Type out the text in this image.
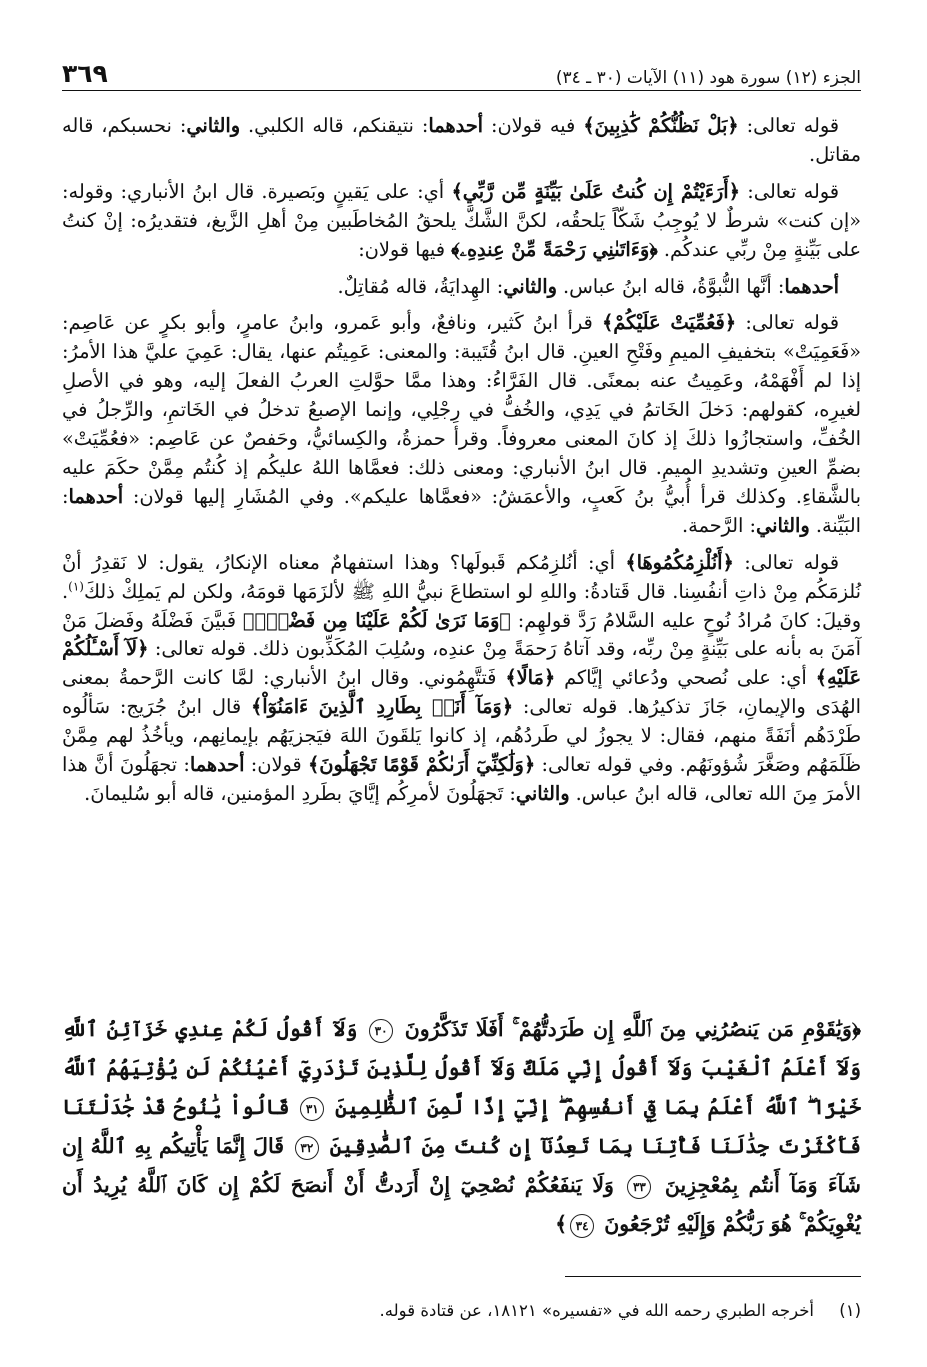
الجزء (١٢) سورة هود (١١) الآيات (٣٠ ـ ٣٤)
٣٦٩

قوله تعالى: ﴿بَلْ نَظُنُّكُمْ كَٰذِبِينَ﴾ فيه قولان: أحدهما: نتيقنكم، قاله الكلبي. والثاني: نحسبكم، قاله مقاتل.

قوله تعالى: ﴿أَرَءَيْتُمْ إِن كُنتُ عَلَىٰ بَيِّنَةٍ مِّن رَّبِّي﴾ أي: على يَقينٍ وبَصيرة. قال ابنُ الأنباري: وقوله: «إن كنت» شرطٌ لا يُوجِبُ شَكّاً يَلحقُه، لكنَّ الشَّكَّ يلحقُ المُخاطَبين مِنْ أهلِ الزَّيغ، فتقديرُه: إنْ كنتُ على بَيِّنةٍ مِنْ ربِّي عندكُم. ﴿وَءَاتَىٰنِي رَحْمَةً مِّنْ عِندِهِۦ﴾ فيها قولان:

أحدهما: أنَّها النُّبوَّةُ، قاله ابنُ عباس. والثاني: الهِدايَةُ، قاله مُقاتِلٌ.

قوله تعالى: ﴿فَعُمِّيَتْ عَلَيْكُمْ﴾ قرأ ابنُ كَثير، ونافعٌ، وأبو عَمرو، وابنُ عامرٍ، وأبو بكرٍ عن عَاصِم: «فَعَمِيَتْ» بتخفيفِ الميمِ وفَتْحِ العينِ. قال ابنُ قُتَيبة: والمعنى: عَمِيتُم عنها، يقال: عَمِيَ عليَّ هذا الأمرُ: إذا لم أَفْهَمْهُ، وعَمِيتُ عنه بمعنًى. قال الفَرَّاءُ: وهذا ممَّا حوَّلتِ العربُ الفعلَ إليه، وهو في الأصلِ لغيرِه، كقولهم: دَخلَ الخَاتمُ في يَدِي، والخُفُّ في رِجْلِي، وإنما الإصبعُ تدخلُ في الخَاتمِ، والرِّجلُ في الخُفِّ، واستجازُوا ذلكَ إذ كانَ المعنى معروفاً. وقرأ حمزةُ، والكِسائيُّ، وحَفصٌ عن عَاصِم: «فعُمِّيَتْ» بضمِّ العينِ وتشديدِ الميمِ. قال ابنُ الأنباري: ومعنى ذلك: فعمَّاها اللهُ عليكُم إذ كُنتُم مِمَّنْ حكَمَ عليه بالشَّقاءِ. وكذلك قرأ أُبيُّ بنُ كَعبٍ، والأعمَشُ: «فعمَّاها عليكم». وفي المُشَارِ إليها قولان: أحدهما: البَيِّنة. والثاني: الرَّحمة.

قوله تعالى: ﴿أَنُلْزِمُكُمُوهَا﴾ أي: أنُلزِمُكم قَبولَها؟ وهذا استفهامٌ معناه الإنكارُ، يقول: لا نَقدِرُ أنْ نُلزمَكُم مِنْ ذاتِ أنفُسِنا. قال قَتادةُ: واللهِ لو استطاعَ نبيُّ اللهِ ﷺ لألزَمَها قومَهُ، ولكن لم يَملِكْ ذلكَ$^{(١)}$. وقيلَ: كانَ مُرادُ نُوحٍ عليه السَّلامُ رَدَّ قولهِم: ﴿وَمَا نَرَىٰ لَكُمْ عَلَيْنَا مِن فَضْلٍۭ﴾ فَبيَّنَ فَضْلَهُ وفَضلَ مَنْ آمَنَ به بأنه على بَيِّنةٍ مِنْ ربِّه، وقد آتاهُ رَحمَةً مِنْ عندِه، وسُلِبَ المُكَذِّبون ذلك. قوله تعالى: ﴿لَآ أَسْـَٔلُكُمْ عَلَيْهِ﴾ أي: على نُصحي ودُعائي إيَّاكم ﴿مَالًا﴾ فَتتَّهِمُوني. وقال ابنُ الأنباري: لمَّا كانت الرَّحمةُ بمعنى الهُدَى والإيمانِ، جَازَ تذكيرُها. قوله تعالى: ﴿وَمَآ أَنَا۠ بِطَارِدِ ٱلَّذِينَ ءَامَنُوٓاْ﴾ قال ابنُ جُرَيج: سَألُوه طَرْدَهُم أنَفَةً منهم، فقال: لا يجوزُ لي طَردُهُم، إذ كانوا يَلقَونَ اللهَ فيَجزيَهُم بإيمانِهم، ويأخُذُ لهم مِمَّنْ ظَلَمَهُم وصَغَّرَ شُؤونَهُم. وفي قوله تعالى: ﴿وَلَٰكِنِّيٓ أَرَىٰكُمْ قَوْمًا تَجْهَلُونَ﴾ قولان: أحدهما: تجهَلُونَ أنَّ هذا الأمرَ مِنَ الله تعالى، قاله ابنُ عباس. والثاني: تَجهَلُونَ لأمرِكُم إيَّايَ بطَردِ المؤمنين، قاله أبو سُليمانَ.

﴿وَيَٰقَوْمِ مَن يَنصُرُنِي مِنَ ٱللَّهِ إِن طَرَدتُّهُمْ ۚ أَفَلَا تَذَكَّرُونَ ٣٠ وَلَآ أَقُولُ لَكُمْ عِندِي خَزَآئِنُ ٱللَّهِ وَلَآ أَعْلَمُ ٱلْغَيْبَ وَلَآ أَقُولُ إِنِّي مَلَكٌ وَلَآ أَقُولُ لِلَّذِينَ تَزْدَرِيٓ أَعْيُنُكُمْ لَن يُؤْتِيَهُمُ ٱللَّهُ خَيْرًا ۖ ٱللَّهُ أَعْلَمُ بِمَا فِيٓ أَنفُسِهِمْ ۖ إِنِّيٓ إِذًا لَّمِنَ ٱلظَّٰلِمِينَ ٣١ قَالُواْ يَٰنُوحُ قَدْ جَٰدَلْتَنَا فَأَكْثَرْتَ جِدَٰلَنَا فَأْتِنَا بِمَا تَعِدُنَآ إِن كُنتَ مِنَ ٱلصَّٰدِقِينَ ٣٢ قَالَ إِنَّمَا يَأْتِيكُم بِهِ ٱللَّهُ إِن شَآءَ وَمَآ أَنتُم بِمُعْجِزِينَ ٣٣ وَلَا يَنفَعُكُمْ نُصْحِيٓ إِنْ أَرَدتُّ أَنْ أَنصَحَ لَكُمْ إِن كَانَ ٱللَّهُ يُرِيدُ أَن يُغْوِيَكُمْ ۚ هُوَ رَبُّكُمْ وَإِلَيْهِ تُرْجَعُونَ ٣٤﴾
(١) أخرجه الطبري رحمه الله في «تفسيره» ١٨١٢١، عن قتادة قوله.
